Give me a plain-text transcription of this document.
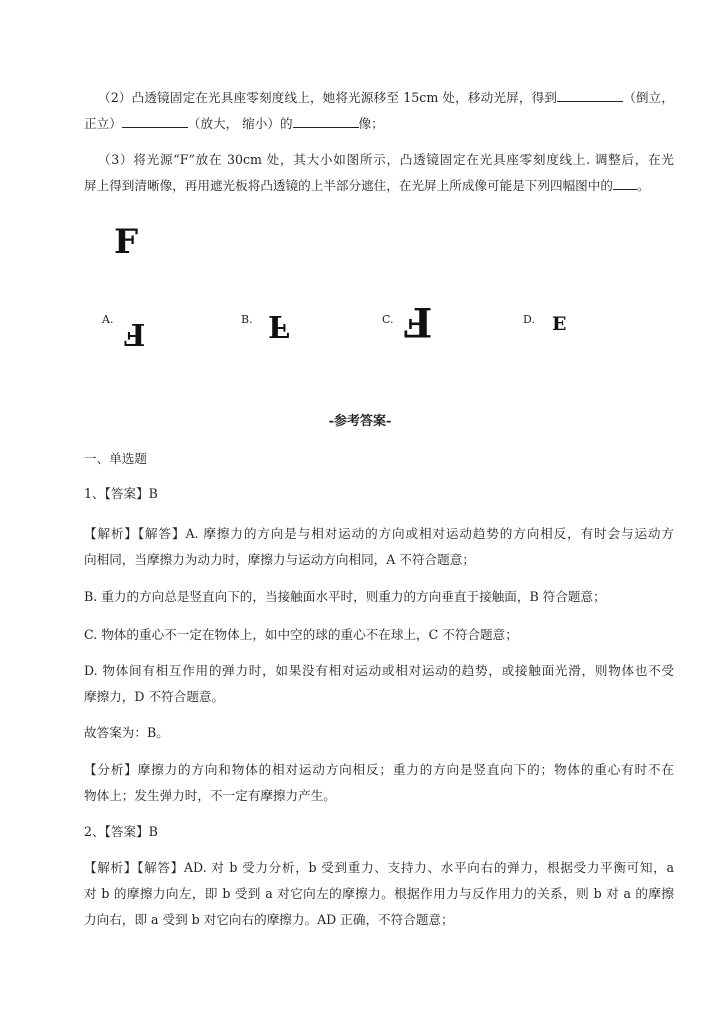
（2）凸透镜固定在光具座零刻度线上，她将光源移至 15cm 处，移动光屏，得到	（倒立，
正立）	（放大， 缩小）的	像；
（3）将光源“F”放在 30cm 处，其大小如图所示，凸透镜固定在光具座零刻度线上. 调整后，在光
屏上得到清晰像，再用遮光板将凸透镜的上半部分遮住，在光屏上所成像可能是下列四幅图中的 。
F
A. F	B. F	C. F	D. E
-参考答案-
一、单选题
1、【答案】B
【解析】【解答】A. 摩擦力的方向是与相对运动的方向或相对运动趋势的方向相反，有时会与运动方
向相同，当摩擦力为动力时，摩擦力与运动方向相同，A 不符合题意；
B. 重力的方向总是竖直向下的，当接触面水平时，则重力的方向垂直于接触面，B 符合题意；
C. 物体的重心不一定在物体上，如中空的球的重心不在球上，C 不符合题意；
D. 物体间有相互作用的弹力时，如果没有相对运动或相对运动的趋势，或接触面光滑，则物体也不受
摩擦力，D 不符合题意。
故答案为：B。
【分析】摩擦力的方向和物体的相对运动方向相反；重力的方向是竖直向下的；物体的重心有时不在
物体上；发生弹力时，不一定有摩擦力产生。
2、【答案】B
【解析】【解答】AD. 对 b 受力分析，b 受到重力、支持力、水平向右的弹力，根据受力平衡可知，a
对 b 的摩擦力向左，即 b 受到 a 对它向左的摩擦力。根据作用力与反作用力的关系，则 b 对 a 的摩擦
力向右，即 a 受到 b 对它向右的摩擦力。AD 正确，不符合题意；
